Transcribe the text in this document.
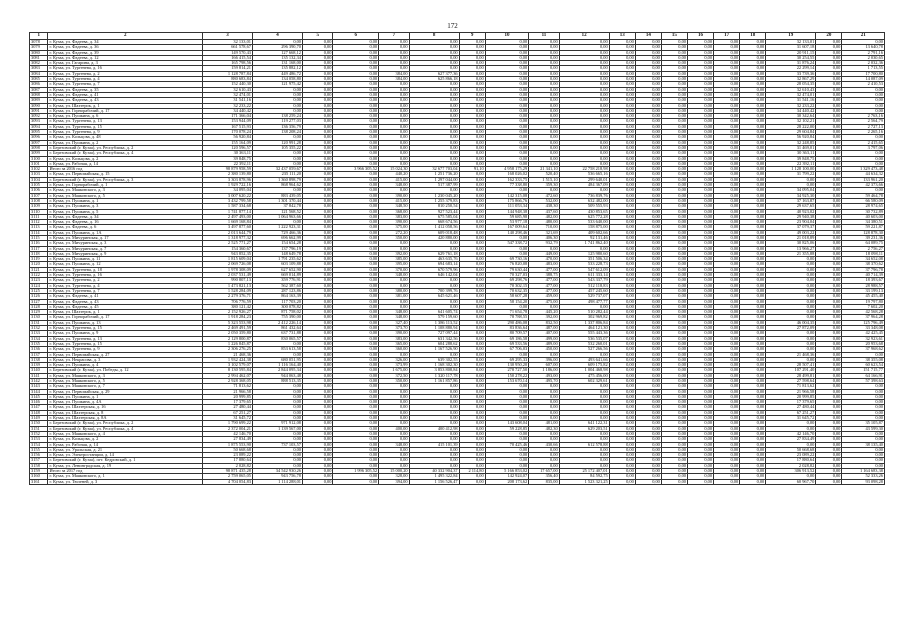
172
1	2	3	4	5	6	7	8	9	10	11	12	13	14	15	16	17	18	19	20	21
3078	г. Кузаа, ул. Фадеева, д. 34	32 133,01	0,00	0,00	0,00	0,00	0,00	0,00	0,00	0,00	0,00	0,00	0,00	0,00	0,00	0,00	0,00	32 133,01	0,00	0,00
3079	г. Кузаа, ул. Фадеева, д. 36	661 578,67	296 390,70	0,00	0,00	0,00	0,00	0,00	0,00	0,00	0,00	0,00	0,00	0,00	0,00	0,00	0,00	31 607,18	0,00	13 640,78
3080	г. Кузаа, ул. Фадеева, д. 39	149 570,43	127 668,12	0,00	0,00	0,00	0,00	0,00	0,00	0,00	0,00	0,00	0,00	0,00	0,00	0,00	0,00	20 911,15	0,00	2 791,16
3081	г. Кузаа, ул. Фадеева, д. 12	166 415,54	135 132,34	0,00	0,00	0,00	0,00	0,00	0,00	0,00	0,00	0,00	0,00	0,00	0,00	0,00	0,00	30 254,55	0,00	2 030,65
3082	г. Кузаа, ул. Гагарина, д. 3	165 798,56	131 168,00	0,00	0,00	0,00	0,00	0,00	0,00	0,00	0,00	0,00	0,00	0,00	0,00	0,00	0,00	31 876,24	0,00	2 032,36
3083	г. Кузаа, ул. Тургенева, д. 16	159 814,21	135 882,12	0,00	0,00	0,00	0,00	0,00	0,00	0,00	0,00	0,00	0,00	0,00	0,00	0,00	0,00	22 299,14	0,00	1 713,55
3084	г. Кузаа, ул. Тургенева, д. 2	1 128 787,84	449 486,72	0,00	0,00	384,00	627 377,36	0,00	0,00	0,00	0,00	0,00	0,00	0,00	0,00	0,00	0,00	33 739,36	0,00	17 700,80
3085	г. Кузаа, ул. Тургенева, д. 4	880 683,84	134 058,80	0,00	0,00	384,00	625 866,18	0,00	0,00	0,00	0,00	0,00	0,00	0,00	0,00	0,00	0,00	32 867,29	0,00	14 087,09
3086	г. Кузаа, ул. Тургенева, д. 7	152 440,30	121 975,42	0,00	0,00	0,00	0,00	0,00	0,00	0,00	0,00	0,00	0,00	0,00	0,00	0,00	0,00	28 054,35	0,00	2 410,53
3087	г. Кузаа, ул. Фадеева, д. 35	32 610,43	0,00	0,00	0,00	0,00	0,00	0,00	0,00	0,00	0,00	0,00	0,00	0,00	0,00	0,00	0,00	32 610,43	0,00	0,00
3088	г. Кузаа, ул. Фадеева, д. 41	32 474,01	0,00	0,00	0,00	0,00	0,00	0,00	0,00	0,00	0,00	0,00	0,00	0,00	0,00	0,00	0,00	32 474,01	0,00	0,00
3089	г. Кузаа, ул. Фадеева, д. 43	31 541,16	0,00	0,00	0,00	0,00	0,00	0,00	0,00	0,00	0,00	0,00	0,00	0,00	0,00	0,00	0,00	31 541,16	0,00	0,00
3090	г. Кузаа, ул. Шахтерок, д. 1	32 233,22	0,00	0,00	0,00	0,00	0,00	0,00	0,00	0,00	0,00	0,00	0,00	0,00	0,00	0,00	0,00	32 233,22	0,00	0,00
3091	г. Кузаа, ул. Горнорабочий, д. 17	34 440,42	0,00	0,00	0,00	0,00	0,00	0,00	0,00	0,00	0,00	0,00	0,00	0,00	0,00	0,00	0,00	34 440,42	0,00	0,00
3092	г. Кузаа, ул. Пушкина, д. 6	171 366,04	138 259,24	0,00	0,00	0,00	0,00	0,00	0,00	0,00	0,00	0,00	0,00	0,00	0,00	0,00	0,00	30 342,64	0,00	2 763,16
3093	г. Кузаа, ул. Тургенева, д. 13	153 944,09	119 277,03	0,00	0,00	0,00	0,00	0,00	0,00	0,00	0,00	0,00	0,00	0,00	0,00	0,00	0,00	32 102,21	0,00	2 564,79
3094	г. Кузаа, ул. Тургенева, д. 15	167 515,93	136 356,79	0,00	0,00	0,00	0,00	0,00	0,00	0,00	0,00	0,00	0,00	0,00	0,00	0,00	0,00	28 222,00	0,00	2 727,13
3095	г. Кузаа, ул. Тургенева, д. 9	170 078,24	138 208,24	0,00	0,00	0,00	0,00	0,00	0,00	0,00	0,00	0,00	0,00	0,00	0,00	0,00	0,00	29 604,84	0,00	2 265,16
3096	г. Кузаа, ул. Кольцова, д. 48	56 920,84	0,00	0,00	0,00	0,00	0,00	0,00	0,00	0,00	0,00	0,00	0,00	0,00	0,00	0,00	0,00	56 920,84	0,00	0,00
3097	г. Кузаа, ул. Пушкина, д. 2	155 164,09	120 991,28	0,00	0,00	0,00	0,00	0,00	0,00	0,00	0,00	0,00	0,00	0,00	0,00	0,00	0,00	32 248,85	0,00	2 415,65
3098	г. Березовский (г. Кузаа), ул. Республика, д. 2	120 596,57	105 355,22	0,00	0,00	0,00	0,00	0,00	0,00	0,00	0,00	0,00	0,00	0,00	0,00	0,00	0,00	31 469,01	0,00	3 797,06
3099	г. Березовский (г. Кузаа), ул. Республика, д. 4	30 363,11	0,00	0,00	0,00	0,00	0,00	0,00	0,00	0,00	0,00	0,00	0,00	0,00	0,00	0,00	0,00	30 363,11	0,00	0,00
3100	г. Кузаа, ул. Кольцова, д. 2	39 848,75	0,00	0,00	0,00	0,00	0,00	0,00	0,00	0,00	0,00	0,00	0,00	0,00	0,00	0,00	0,00	39 848,75	0,00	0,00
3101	г. Кузаа, ул. Рабочая, д. 14	22 392,11	0,00	0,00	0,00	0,00	0,00	0,00	0,00	0,00	0,00	0,00	0,00	0,00	0,00	0,00	0,00	22 392,11	0,00	0,00
3102	Итого за 2016 год	98 879 958,59	32 437 059,67	0,00	3 966 305,52	15 024,30	32 677 703,04	91,10	4 958 175,29	21 341,10	22 758 218,98	0,00	0,00	0,00	0,00	0,00	0,00	1 128 100,00	0,00	1 329 473,48
3103	г. Кузаа, ул. Первомайская, д. 15	2 380 139,80	235 111,20	0,00	0,00	440,20	1 251 736,20	0,00	168 026,02	520,40	536 665,16	0,00	0,00	0,00	0,00	0,00	0,00	31 799,22	0,00	44 634,32
3104	г. Березовский (г. Кузаа), ул. Республика, д. 3	3 303 878,96	1 360 898,79	0,00	0,00	415,00	1 297 044,00	0,00	162 333,75	1 515,10	299 640,01	0,00	0,00	0,00	0,00	0,00	0,00	0,00	0,00	133 961,20
3105	г. Кузаа, ул. Горнорабочий, д. 1	1 929 722,16	868 964,62	0,00	0,00	348,00	517 387,99	0,00	77 338,80	359,30	484 367,09	0,00	0,00	0,00	0,00	0,00	0,00	0,00	0,00	42 373,66
3106	г. Кузаа, ул. Маяковского, д. 3	34 095,04	0,00	0,00	0,00	0,00	0,00	0,00	0,00	0,00	0,00	0,00	0,00	0,00	0,00	0,00	0,00	34 095,04	0,00	0,00
3107	г. Кузаа, ул. Маяковского, д. 5	3 007 620,22	883 439,05	0,00	0,00	390,00	1 230 045,20	0,00	142 315,08	472,60	736 839,76	0,00	0,00	0,00	0,00	0,00	0,00	34 925,30	0,00	59 464,78
3108	г. Кузаа, ул. Пушкина, д. 1	3 432 799,58	1 301 370,44	0,00	0,00	415,00	1 255 379,83	0,00	175 866,76	532,00	632 482,00	0,00	0,00	0,00	0,00	0,00	0,00	37 163,87	0,00	66 580,09
3109	г. Кузаа, ул. Пушкина, д. 3	1 587 334,68	37 842,78	0,00	0,00	348,50	810 250,54	0,00	111 053,34	438,30	509 555,93	0,00	0,00	0,00	0,00	0,00	0,00	29 637,65	0,00	28 974,65
3110	г. Кузаа, ул. Пушкина, д. 5	1 741 877,14	121 568,52	0,00	0,00	368,00	927 523,44	0,00	144 948,38	437,60	430 853,65	0,00	0,00	0,00	0,00	0,00	0,00	40 923,02	0,00	30 732,89
3111	г. Кузаа, ул. Фадеева, д. 34	2 497 493,00	1 064 963,66	0,00	0,00	383,00	675 585,04	0,00	59 685,98	482,00	625 772,28	0,00	0,00	0,00	0,00	0,00	0,00	29 940,38	0,00	40 603,00
3112	г. Кузаа, ул. Фадеева, д. 16	1 669 168,84	0,00	0,00	0,00	390,00	668 674,56	0,00	53 977,18	480,00	533 640,00	0,00	0,00	0,00	0,00	0,00	0,00	23 904,04	0,00	34 380,51
3113	г. Кузаа, ул. Фадеева, д. 6	3 497 877,60	1 222 923,31	0,00	0,00	375,00	1 412 058,56	0,00	167 009,64	710,00	158 875,00	0,00	0,00	0,00	0,00	0,00	0,00	37 079,37	0,00	59 221,87
3114	г. Кузаа, ул. Пушкина, д. 1А	2 013 644,79	729 466,36	0,00	0,00	272,20	609 018,48	0,00	140 298,46	321,69	409 602,66	0,00	0,00	0,00	0,00	0,00	0,00	49 003,22	0,00	128 878,30
3115	г. Кузаа, ул. Мичуринская, д. 17	1 318 977,32	696 662,99	0,00	0,00	350,00	420 880,00	0,00	0,00	406,30	92 131,46	0,00	0,00	0,00	0,00	0,00	0,00	21 018,89	0,00	39 231,36
3116	г. Кузаа, ул. Мичуринская, д. 3	2 525 771,27	154 654,28	0,00	0,00	0,00	0,00	0,00	547 338,72	932,79	1 741 862,40	0,00	0,00	0,00	0,00	0,00	0,00	30 825,06	0,00	64 089,75
3117	г. Кузаа, ул. Мичуринская, д. 7	154 360,67	137 796,19	0,00	0,00	0,00	0,00	0,00	0,00	0,00	0,00	0,00	0,00	0,00	0,00	0,00	0,00	13 966,27	0,00	2 756,27
3118	г. Кузаа, ул. Мичуринская, д. 9	943 852,35	148 649,78	0,00	0,00	392,00	629 761,18	0,00	0,00	449,00	125 980,60	0,00	0,00	0,00	0,00	0,00	0,00	21 355,88	0,00	18 098,11
3119	г. Кузаа, ул. Пушкина, д. 11	1 815 609,04	1 791 235,62	0,00	0,00	385,00	463 635,76	0,00	69 730,16	470,00	351 506,34	0,00	0,00	0,00	0,00	0,00	0,00	0,00	0,00	34 652,08
3120	г. Кузаа, ул. Пушкина, д. 12	2 069 726,08	603 109,88	0,00	0,00	395,00	694 683,14	0,00	76 820,08	483,00	533 228,73	0,00	0,00	0,00	0,00	0,00	0,00	0,00	0,00	38 370,62
3121	г. Кузаа, ул. Тургенева, д. 18	1 978 308,09	627 652,90	0,00	0,00	370,00	670 579,96	0,00	79 630,44	477,00	547 612,09	0,00	0,00	0,00	0,00	0,00	0,00	0,00	0,00	37 796,78
3122	г. Кузаа, ул. Тургенева, д. 16	2 037 531,49	669 014,89	0,00	0,00	348,00	646 142,04	0,00	70 327,03	388,75	611 333,14	0,00	0,00	0,00	0,00	0,00	0,00	0,00	0,00	40 714,39
3123	г. Кузаа, ул. Тургенева, д. 2	990 807,13	359 776,91	0,00	0,00	0,00	0,00	0,00	69 298,76	477,00	543 337,79	0,00	0,00	0,00	0,00	0,00	0,00	0,00	0,00	18 393,67
3124	г. Кузаа, ул. Тургенева, д. 4	1 473 821,13	562 387,60	0,00	0,00	0,00	0,00	0,00	70 302,15	477,00	512 118,83	0,00	0,00	0,00	0,00	0,00	0,00	0,00	0,00	28 988,57
3125	г. Кузаа, ул. Тургенева, д. 7	1 528 284,09	287 123,86	0,00	0,00	380,00	700 399,76	0,00	70 632,35	477,00	457 245,60	0,00	0,00	0,00	0,00	0,00	0,00	0,00	0,00	33 199,13
3126	г. Кузаа, ул. Фадеева, д. 41	2 279 376,71	864 163,39	0,00	0,00	381,00	645 621,46	0,00	58 607,28	459,00	529 737,07	0,00	0,00	0,00	0,00	0,00	0,00	0,00	0,00	45 455,40
3127	г. Кузаа, ул. Фадеева, д. 43	706 776,59	117 703,20	0,00	0,00	0,00	0,00	0,00	58 154,20	475,00	498 477,77	0,00	0,00	0,00	0,00	0,00	0,00	0,00	0,00	19 797,80
3128	г. Кузаа, ул. Фадеева, д. 45	380 121,42	300 078,82	0,00	0,00	0,00	0,00	0,00	0,00	0,00	0,00	0,00	0,00	0,00	0,00	0,00	0,00	0,00	0,00	7 602,20
3129	г. Кузаа, ул. Шахтерок, д. 1	2 152 926,27	871 758,02	0,00	0,00	348,00	641 605,74	0,00	71 654,78	445,20	510 282,44	0,00	0,00	0,00	0,00	0,00	0,00	0,00	0,00	42 568,28
3130	г. Кузаа, ул. Горнорабочий, д. 17	1 918 284,23	755 390,00	0,00	0,00	348,00	579 159,60	0,00	78 788,55	392,00	302 969,82	0,00	0,00	0,00	0,00	0,00	0,00	0,00	0,00	37 964,28
3131	г. Кузаа, ул. Пушкина, д. 13	5 323 553,98	2 412 226,14	0,00	0,00	327,40	1 386 113,52	0,00	290 486,08	832,50	1 337 806,84	0,00	0,00	0,00	0,00	0,00	0,00	46 004,35	0,00	125 796,49
3132	г. Кузаа, ул. Тургенева, д. 15	2 469 491,59	861 432,64	0,00	0,00	373,70	1 108 880,94	0,00	83 836,64	487,00	464 121,30	0,00	0,00	0,00	0,00	0,00	0,00	27 872,09	0,00	33 348,08
3133	г. Кузаа, ул. Пушкина, д. 9	2 050 359,80	637 731,88	0,00	0,00	390,00	727 097,44	0,00	80 709,57	407,00	555 443,36	0,00	0,00	0,00	0,00	0,00	0,00	0,00	0,00	42 425,45
3134	г. Кузаа, ул. Тургенева, д. 13	2 129 800,87	830 065,57	0,00	0,00	383,00	631 342,56	0,00	69 186,58	499,00	536 535,07	0,00	0,00	0,00	0,00	0,00	0,00	0,00	0,00	32 923,61
3135	г. Кузаа, ул. Тургенева, д. 15	1 226 845,87	0,00	0,00	0,00	365,00	604 288,62	0,00	69 533,56	489,00	532 260,01	0,00	0,00	0,00	0,00	0,00	0,00	0,00	0,00	20 953,68
3136	г. Кузаа, ул. Тургенева, д. 9	2 306 276,25	853 613,58	0,00	0,00	360,00	1 167 526,90	0,00	67 706,03	450,00	527 266,56	0,00	0,00	0,00	0,00	0,00	0,00	0,00	0,00	37 968,62
3137	г. Кузаа, ул. Первомайская, д. 27	21 468,36	0,00	0,00	0,00	0,00	0,00	0,00	0,00	0,00	0,00	0,00	0,00	0,00	0,00	0,00	0,00	21 468,36	0,00	0,00
3138	г. Кузаа, ул. Некрасова, д. 3	1 932 424,38	680 051,95	0,00	0,00	326,00	639 302,55	0,00	69 295,33	396,00	493 641,66	0,00	0,00	0,00	0,00	0,00	0,00	0,00	0,00	38 355,08
3139	г. Кузаа, ул. Пушкина, д. 4	3 102 579,07	1 116 164,40	0,00	0,00	373,99	1 168 302,30	0,00	130 950,20	607,00	609 175,82	0,00	0,00	0,00	0,00	0,00	0,00	28 507,41	0,00	60 623,54
3140	г. Березовский (г. Кузаа), ул. Победы, д. 12	8 130 595,84	2 844 095,34	0,00	0,00	1 675,00	3 853 808,84	0,00	278 727,50	1 186,00	1 004 468,98	0,00	0,00	0,00	0,00	0,00	0,00	107 291,40	0,00	151 715,77
3141	г. Кузаа, ул. Маяковского, д. 3	2 994 462,07	944 063,48	0,00	0,00	372,50	1 320 117,78	0,00	150 278,22	493,00	475 456,00	0,00	0,00	0,00	0,00	0,00	0,00	28 499,81	0,00	64 166,91
3142	г. Кузаа, ул. Маяковского, д. 5	2 928 368,05	888 513,35	0,00	0,00	350,00	1 161 857,86	0,00	153 670,14	495,70	602 329,61	0,00	0,00	0,00	0,00	0,00	0,00	27 598,64	0,00	57 398,63
3143	г. Кузаа, ул. Маяковского, д. 7	71 813,62	0,00	0,00	0,00	0,00	0,00	0,00	0,00	0,00	0,00	0,00	0,00	0,00	0,00	0,00	0,00	71 813,62	0,00	0,00
3144	г. Кузаа, ул. Первомайская, д. 29	21 966,58	0,00	0,00	0,00	0,00	0,00	0,00	0,00	0,00	0,00	0,00	0,00	0,00	0,00	0,00	0,00	21 966,58	0,00	0,00
3145	г. Кузаа, ул. Пушкина, д. 1	20 999,85	0,00	0,00	0,00	0,00	0,00	0,00	0,00	0,00	0,00	0,00	0,00	0,00	0,00	0,00	0,00	20 999,85	0,00	0,00
3146	г. Кузаа, ул. Пушкина, д. 4А	17 379,65	0,00	0,00	0,00	0,00	0,00	0,00	0,00	0,00	0,00	0,00	0,00	0,00	0,00	0,00	0,00	17 379,65	0,00	0,00
3147	г. Кузаа, ул. Шахтерская, д. 16	27 480,44	0,00	0,00	0,00	0,00	0,00	0,00	0,00	0,00	0,00	0,00	0,00	0,00	0,00	0,00	0,00	27 480,44	0,00	0,00
3148	г. Кузаа, ул. Шахтерская, д. 8	67 251,27	0,00	0,00	0,00	0,00	0,00	0,00	0,00	0,00	0,00	0,00	0,00	0,00	0,00	0,00	0,00	67 251,27	0,00	0,00
3149	г. Кузаа, ул. Шахтерская, д. 8А	31 645,72	0,00	0,00	0,00	0,00	0,00	0,00	0,00	0,00	0,00	0,00	0,00	0,00	0,00	0,00	0,00	31 645,72	0,00	0,00
3150	г. Березовский (г. Кузаа), ул. Республика, д. 2	1 790 699,22	971 912,08	0,00	0,00	0,00	0,00	0,00	143 608,04	481,00	641 122,31	0,00	0,00	0,00	0,00	0,00	0,00	0,00	0,00	35 105,87
3151	г. Березовский (г. Кузаа), ул. Республика, д. 4	2 372 004,21	1 139 567,00	0,00	0,00	400,00	400 412,98	0,00	59 228,85	482,30	629 203,51	0,00	0,00	0,00	0,00	0,00	0,00	0,00	0,00	43 599,30
3152	г. Кузаа, ул. Маяковского, д. 4	42 146,70	0,00	0,00	0,00	0,00	0,00	0,00	0,00	0,00	0,00	0,00	0,00	0,00	0,00	0,00	0,00	42 146,70	0,00	0,00
3153	г. Кузаа, ул. Кольцова, д. 2	27 834,49	0,00	0,00	0,00	0,00	0,00	0,00	0,00	0,00	0,00	0,00	0,00	0,00	0,00	0,00	0,00	27 834,49	0,00	0,00
3154	г. Кузаа, ул. Рабочая, д. 14	1 875 553,90	737 103,57	0,00	0,00	348,00	415 101,39	0,00	70 425,46	430,66	612 578,88	0,00	0,00	0,00	0,00	0,00	0,00	0,00	0,00	38 135,40
3155	г. Кузаа, ул. Уральская, д. 21	50 668,68	0,00	0,00	0,00	0,00	0,00	0,00	0,00	0,00	0,00	0,00	0,00	0,00	0,00	0,00	0,00	50 668,68	0,00	0,00
3156	г. Кузаа, ул. Электростанции, д. 14	23 089,22	0,00	0,00	0,00	0,00	0,00	0,00	0,00	0,00	0,00	0,00	0,00	0,00	0,00	0,00	0,00	23 089,22	0,00	0,00
3157	г. Березовский (г. Кузаа), пгт. Кедровский, д. 1	17 880,64	0,00	0,00	0,00	0,00	0,00	0,00	0,00	0,00	0,00	0,00	0,00	0,00	0,00	0,00	0,00	17 880,64	0,00	0,00
3158	г. Кузаа, ул. Ленинградская, д. 19	2 028,82	0,00	0,00	0,00	0,00	0,00	0,00	0,00	0,00	0,00	0,00	0,00	0,00	0,00	0,00	0,00	2 028,82	0,00	0,00
3159	Итого за 2017 год	98 871 435,28	34 542 930,26	0,00	1 996 305,52	15 000,20	40 332 904,37	2 114,80	5 166 853,02	17 657,00	25 172 407,01	0,00	0,00	0,00	0,00	0,00	0,00	306 913,52	0,00	1 164 683,38
3160	г. Кузаа, ул. Маяковского, д. 1	2 759 065,05	943 756,78	0,00	0,00	328,00	1 495 322,84	0,00	142 924,07	356,40	84 592,75	0,00	0,00	0,00	0,00	0,00	0,00	0,00	0,00	52 333,26
3161	г. Кузаа, ул. Тюленей, д. 3	4 704 054,83	1 114 288,01	0,00	0,00	394,00	1 156 526,47	0,00	208 173,62	835,00	1 523 321,25	0,00	0,00	0,00	0,00	0,00	0,00	60 967,70	0,00	93 098,28
